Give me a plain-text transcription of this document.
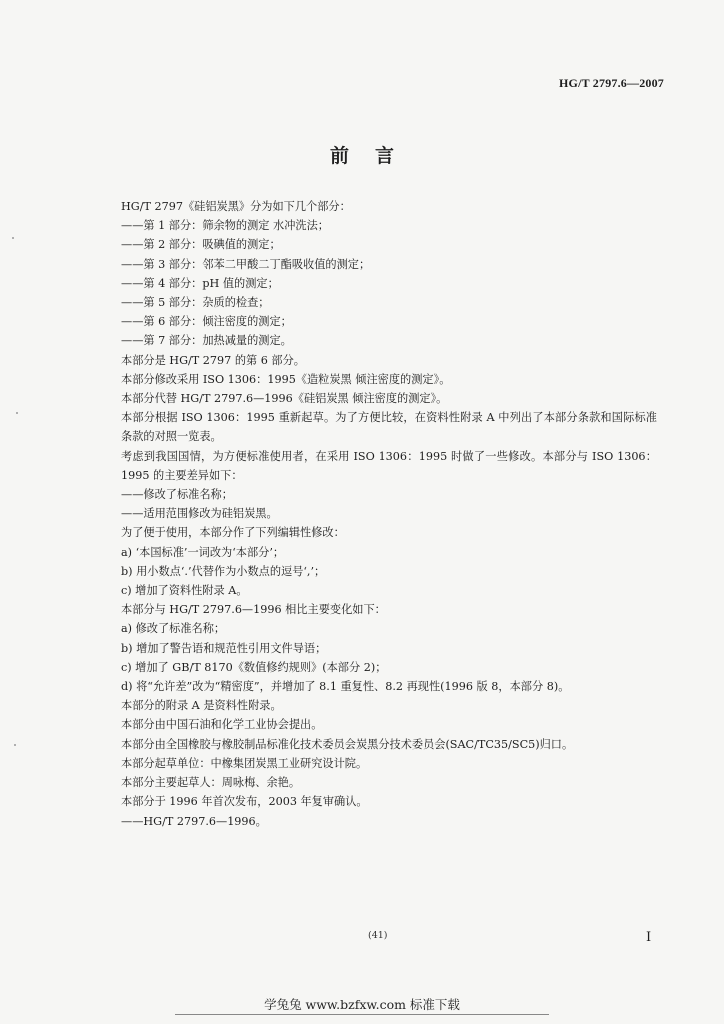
HG/T 2797.6—2007
前言
HG/T 2797《硅铝炭黑》分为如下几个部分：
——第 1 部分：筛余物的测定 水冲洗法；
——第 2 部分：吸碘值的测定；
——第 3 部分：邻苯二甲酸二丁酯吸收值的测定；
——第 4 部分：pH 值的测定；
——第 5 部分：杂质的检查；
——第 6 部分：倾注密度的测定；
——第 7 部分：加热减量的测定。
本部分是 HG/T 2797 的第 6 部分。
本部分修改采用 ISO 1306：1995《造粒炭黑 倾注密度的测定》。
本部分代替 HG/T 2797.6—1996《硅铝炭黑 倾注密度的测定》。
本部分根据 ISO 1306：1995 重新起草。为了方便比较，在资料性附录 A 中列出了本部分条款和国际标准条款的对照一览表。
考虑到我国国情，为方便标准使用者，在采用 ISO 1306：1995 时做了一些修改。本部分与 ISO 1306：1995 的主要差异如下：
——修改了标准名称；
——适用范围修改为硅铝炭黑。
为了便于使用，本部分作了下列编辑性修改：
a) ‘本国标准’一词改为‘本部分’；
b) 用小数点‘.’代替作为小数点的逗号‘,’；
c) 增加了资料性附录 A。
本部分与 HG/T 2797.6—1996 相比主要变化如下：
a) 修改了标准名称；
b) 增加了警告语和规范性引用文件导语；
c) 增加了 GB/T 8170《数值修约规则》(本部分 2)；
d) 将“允许差”改为“精密度”，并增加了 8.1 重复性、8.2 再现性(1996 版 8，本部分 8)。
本部分的附录 A 是资料性附录。
本部分由中国石油和化学工业协会提出。
本部分由全国橡胶与橡胶制品标准化技术委员会炭黑分技术委员会(SAC/TC35/SC5)归口。
本部分起草单位：中橡集团炭黑工业研究设计院。
本部分主要起草人：周咏梅、余艳。
本部分于 1996 年首次发布，2003 年复审确认。
——HG/T 2797.6—1996。
(41)	I
学兔兔 www.bzfxw.com 标准下载
